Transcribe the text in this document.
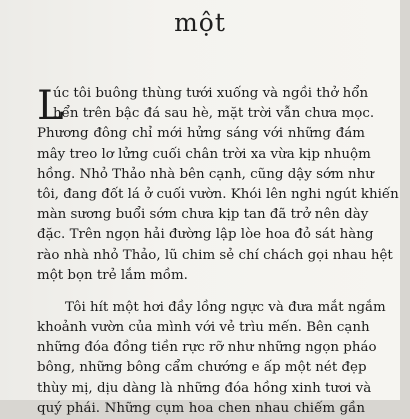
một
L
úc tôi buông thùng tưới xuống và ngồi thở hổn
hển trên bậc đá sau hè, mặt trời vẫn chưa mọc.
Phương đông chỉ mới hửng sáng với những đám
mây treo lơ lửng cuối chân trời xa vừa kịp nhuộm
hồng. Nhỏ Thảo nhà bên cạnh, cũng dậy sớm như
tôi, đang đốt lá ở cuối vườn. Khói lên nghi ngút khiến
màn sương buổi sớm chưa kịp tan đã trở nên dày
đặc. Trên ngọn hải đường lập lòe hoa đỏ sát hàng
rào nhà nhỏ Thảo, lũ chim sẻ chí chách gọi nhau hệt
một bọn trẻ lắm mồm.
Tôi hít một hơi đầy lồng ngực và đưa mắt ngắm
khoảnh vườn của mình với vẻ trìu mến. Bên cạnh
những đóa đồng tiền rực rỡ như những ngọn pháo
bông, những bông cẩm chướng e ấp một nét đẹp
thùy mị, dịu dàng là những đóa hồng xinh tươi và
quý phái. Những cụm hoa chen nhau chiếm gần
